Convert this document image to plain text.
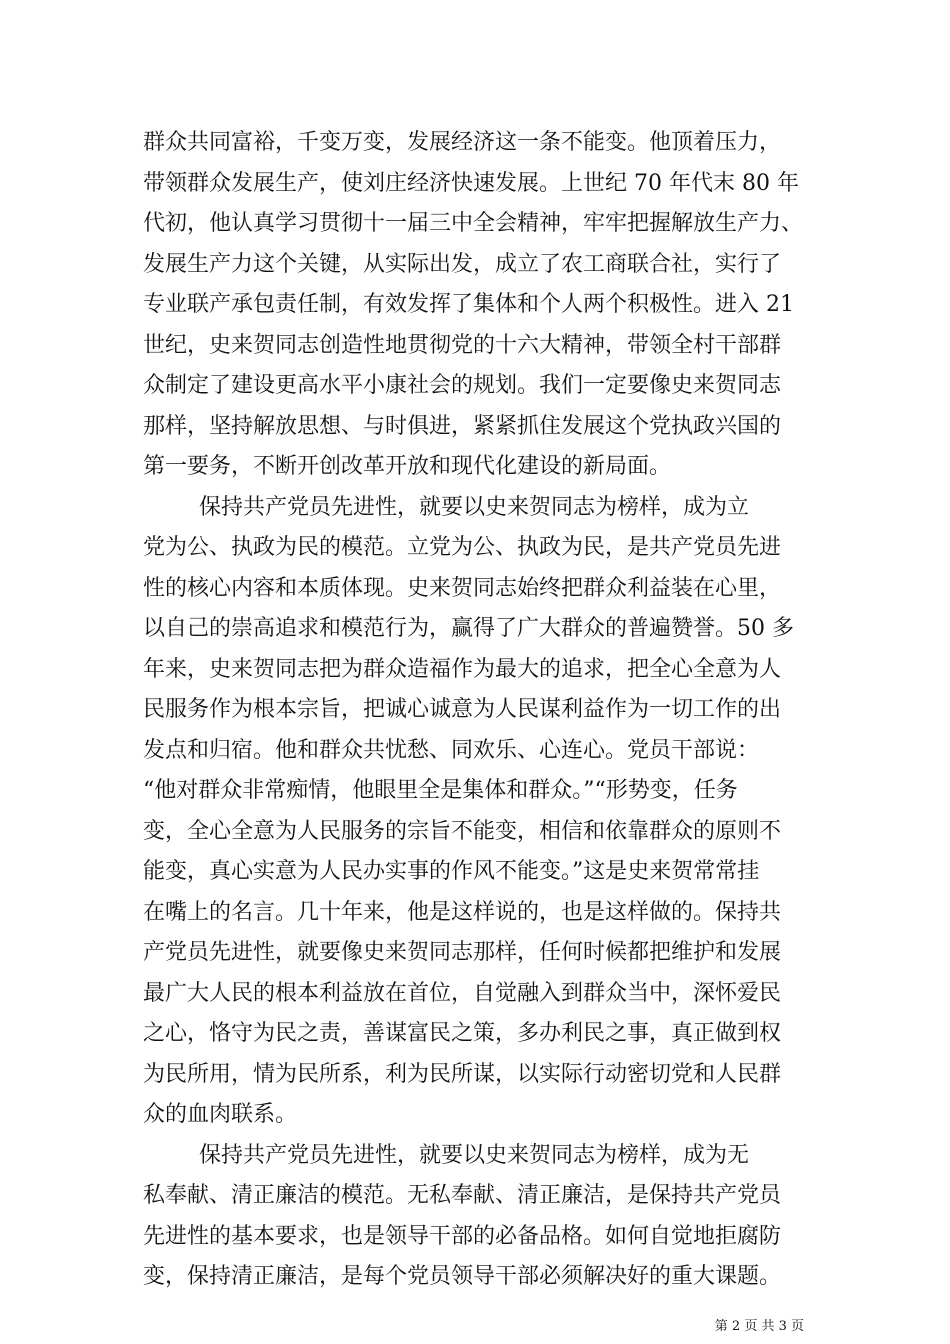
群众共同富裕，千变万变，发展经济这一条不能变。他顶着压力，
带领群众发展生产，使刘庄经济快速发展。上世纪 70 年代末 80 年
代初，他认真学习贯彻十一届三中全会精神，牢牢把握解放生产力、
发展生产力这个关键，从实际出发，成立了农工商联合社，实行了
专业联产承包责任制，有效发挥了集体和个人两个积极性。进入 21
世纪，史来贺同志创造性地贯彻党的十六大精神，带领全村干部群
众制定了建设更高水平小康社会的规划。我们一定要像史来贺同志
那样，坚持解放思想、与时俱进，紧紧抓住发展这个党执政兴国的
第一要务，不断开创改革开放和现代化建设的新局面。
保持共产党员先进性，就要以史来贺同志为榜样，成为立
党为公、执政为民的模范。立党为公、执政为民，是共产党员先进
性的核心内容和本质体现。史来贺同志始终把群众利益装在心里，
以自己的崇高追求和模范行为，赢得了广大群众的普遍赞誉。50 多
年来，史来贺同志把为群众造福作为最大的追求，把全心全意为人
民服务作为根本宗旨，把诚心诚意为人民谋利益作为一切工作的出
发点和归宿。他和群众共忧愁、同欢乐、心连心。党员干部说：
“他对群众非常痴情，他眼里全是集体和群众。”“形势变，任务
变，全心全意为人民服务的宗旨不能变，相信和依靠群众的原则不
能变，真心实意为人民办实事的作风不能变。”这是史来贺常常挂
在嘴上的名言。几十年来，他是这样说的，也是这样做的。保持共
产党员先进性，就要像史来贺同志那样，任何时候都把维护和发展
最广大人民的根本利益放在首位，自觉融入到群众当中，深怀爱民
之心，恪守为民之责，善谋富民之策，多办利民之事，真正做到权
为民所用，情为民所系，利为民所谋，以实际行动密切党和人民群
众的血肉联系。
保持共产党员先进性，就要以史来贺同志为榜样，成为无
私奉献、清正廉洁的模范。无私奉献、清正廉洁，是保持共产党员
先进性的基本要求，也是领导干部的必备品格。如何自觉地拒腐防
变，保持清正廉洁，是每个党员领导干部必须解决好的重大课题。
第 2 页 共 3 页
